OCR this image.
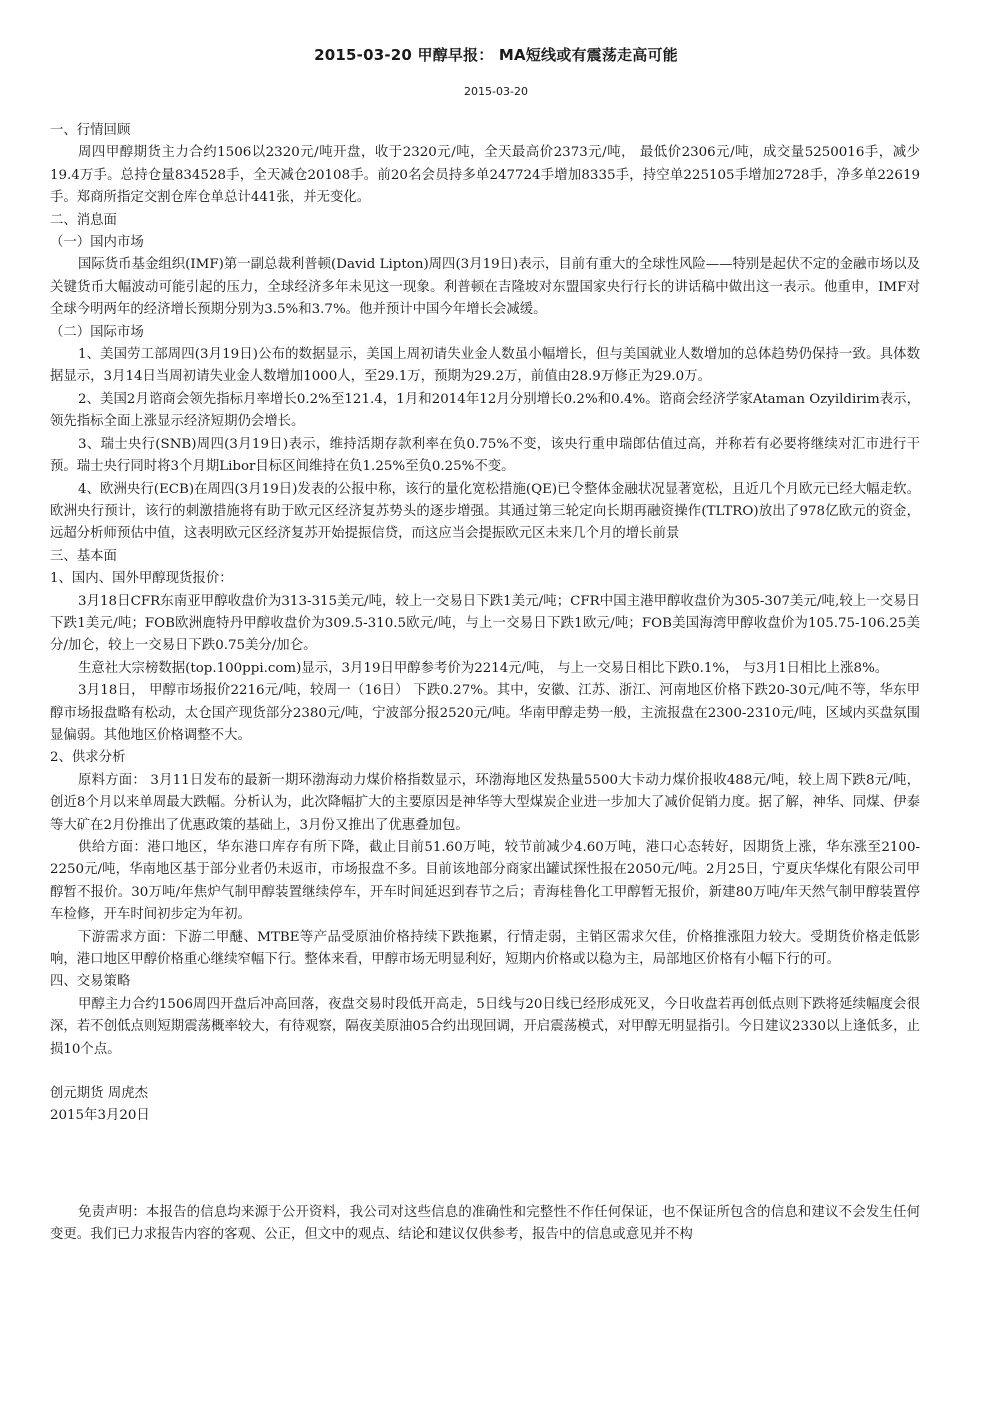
2015-03-20 甲醇早报： MA短线或有震荡走高可能
2015-03-20

一、行情回顾

周四甲醇期货主力合约1506以2320元/吨开盘，收于2320元/吨，全天最高价2373元/吨， 最低价2306元/吨，成交量5250016手，减少19.4万手。总持仓量834528手，全天减仓20108手。前20名会员持多单247724手增加8335手，持空单225105手增加2728手，净多单22619手。郑商所指定交割仓库仓单总计441张，并无变化。

二、消息面

（一）国内市场

国际货币基金组织(IMF)第一副总裁利普顿(David Lipton)周四(3月19日)表示，目前有重大的全球性风险——特别是起伏不定的金融市场以及关键货币大幅波动可能引起的压力，全球经济多年未见这一现象。利普顿在吉隆坡对东盟国家央行行长的讲话稿中做出这一表示。他重申，IMF对全球今明两年的经济增长预期分别为3.5%和3.7%。他并预计中国今年增长会减缓。

（二）国际市场

1、美国劳工部周四(3月19日)公布的数据显示，美国上周初请失业金人数虽小幅增长，但与美国就业人数增加的总体趋势仍保持一致。具体数据显示，3月14日当周初请失业金人数增加1000人，至29.1万，预期为29.2万，前值由28.9万修正为29.0万。

2、美国2月谘商会领先指标月率增长0.2%至121.4，1月和2014年12月分别增长0.2%和0.4%。谘商会经济学家Ataman Ozyildirim表示，领先指标全面上涨显示经济短期仍会增长。

3、瑞士央行(SNB)周四(3月19日)表示，维持活期存款利率在负0.75%不变，该央行重申瑞郎估值过高，并称若有必要将继续对汇市进行干预。瑞士央行同时将3个月期Libor目标区间维持在负1.25%至负0.25%不变。

4、欧洲央行(ECB)在周四(3月19日)发表的公报中称，该行的量化宽松措施(QE)已令整体金融状况显著宽松，且近几个月欧元已经大幅走软。欧洲央行预计，该行的刺激措施将有助于欧元区经济复苏势头的逐步增强。其通过第三轮定向长期再融资操作(TLTRO)放出了978亿欧元的资金，远超分析师预估中值，这表明欧元区经济复苏开始提振信贷，而这应当会提振欧元区未来几个月的增长前景

三、基本面

1、国内、国外甲醇现货报价：

3月18日CFR东南亚甲醇收盘价为313-315美元/吨，较上一交易日下跌1美元/吨；CFR中国主港甲醇收盘价为305-307美元/吨,较上一交易日下跌1美元/吨；FOB欧洲鹿特丹甲醇收盘价为309.5-310.5欧元/吨，与上一交易日下跌1欧元/吨；FOB美国海湾甲醇收盘价为105.75-106.25美分/加仑，较上一交易日下跌0.75美分/加仑。

生意社大宗榜数据(top.100ppi.com)显示，3月19日甲醇参考价为2214元/吨， 与上一交易日相比下跌0.1%， 与3月1日相比上涨8%。

3月18日， 甲醇市场报价2216元/吨，较周一（16日） 下跌0.27%。其中，安徽、江苏、浙江、河南地区价格下跌20-30元/吨不等，华东甲醇市场报盘略有松动，太仓国产现货部分2380元/吨，宁波部分报2520元/吨。华南甲醇走势一般，主流报盘在2300-2310元/吨，区域内买盘氛围显偏弱。其他地区价格调整不大。

2、供求分析

原料方面： 3月11日发布的最新一期环渤海动力煤价格指数显示，环渤海地区发热量5500大卡动力煤价报收488元/吨，较上周下跌8元/吨，创近8个月以来单周最大跌幅。分析认为，此次降幅扩大的主要原因是神华等大型煤炭企业进一步加大了减价促销力度。据了解，神华、同煤、伊泰等大矿在2月份推出了优惠政策的基础上，3月份又推出了优惠叠加包。

供给方面：港口地区，华东港口库存有所下降，截止目前51.60万吨，较节前减少4.60万吨，港口心态转好，因期货上涨，华东涨至2100-2250元/吨，华南地区基于部分业者仍未返市，市场报盘不多。目前该地部分商家出罐试探性报在2050元/吨。2月25日，宁夏庆华煤化有限公司甲醇暂不报价。30万吨/年焦炉气制甲醇装置继续停车，开车时间延迟到春节之后；青海桂鲁化工甲醇暂无报价，新建80万吨/年天然气制甲醇装置停车检修，开车时间初步定为年初。

下游需求方面：下游二甲醚、MTBE等产品受原油价格持续下跌拖累，行情走弱，主销区需求欠佳，价格推涨阻力较大。受期货价格走低影响，港口地区甲醇价格重心继续窄幅下行。整体来看，甲醇市场无明显利好，短期内价格或以稳为主，局部地区价格有小幅下行的可。

四、交易策略

甲醇主力合约1506周四开盘后冲高回落，夜盘交易时段低开高走，5日线与20日线已经形成死叉，今日收盘若再创低点则下跌将延续幅度会很深，若不创低点则短期震荡概率较大，有待观察，隔夜美原油05合约出现回调，开启震荡模式，对甲醇无明显指引。今日建议2330以上逢低多，止损10个点。

创元期货 周虎杰

2015年3月20日

免责声明：本报告的信息均来源于公开资料，我公司对这些信息的准确性和完整性不作任何保证，也不保证所包含的信息和建议不会发生任何变更。我们已力求报告内容的客观、公正，但文中的观点、结论和建议仅供参考，报告中的信息或意见并不构
